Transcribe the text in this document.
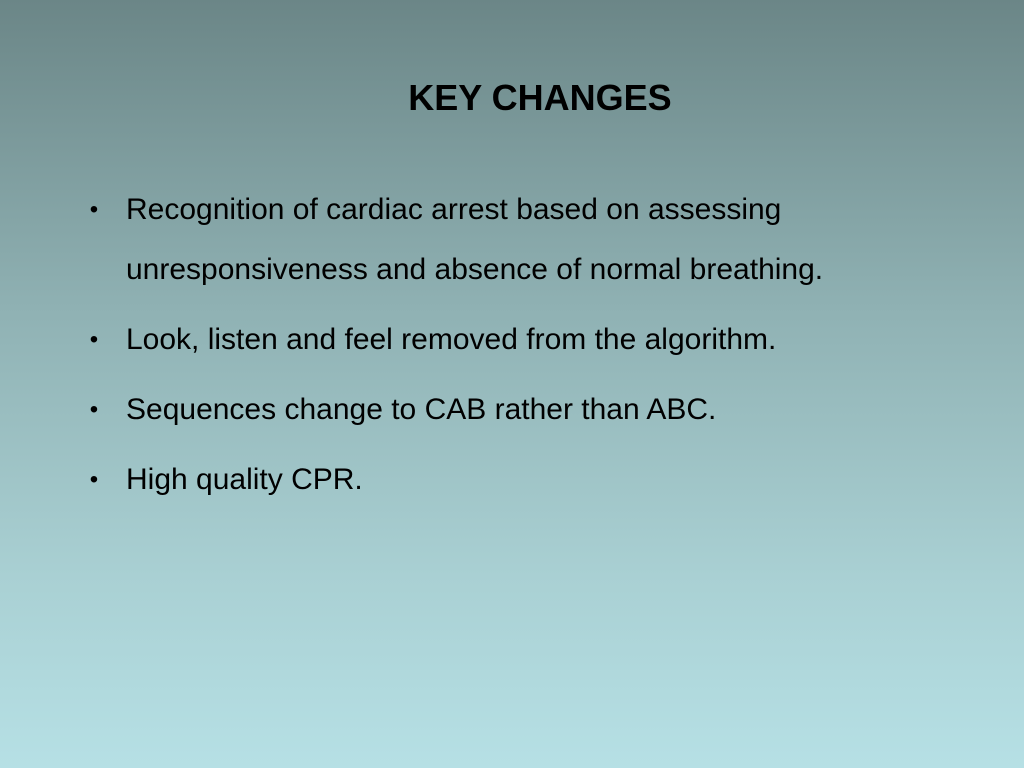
KEY CHANGES
• Recognition of cardiac arrest based on assessing unresponsiveness and absence of normal breathing.
• Look, listen and feel removed from the algorithm.
• Sequences change to CAB rather than ABC.
• High quality CPR.
